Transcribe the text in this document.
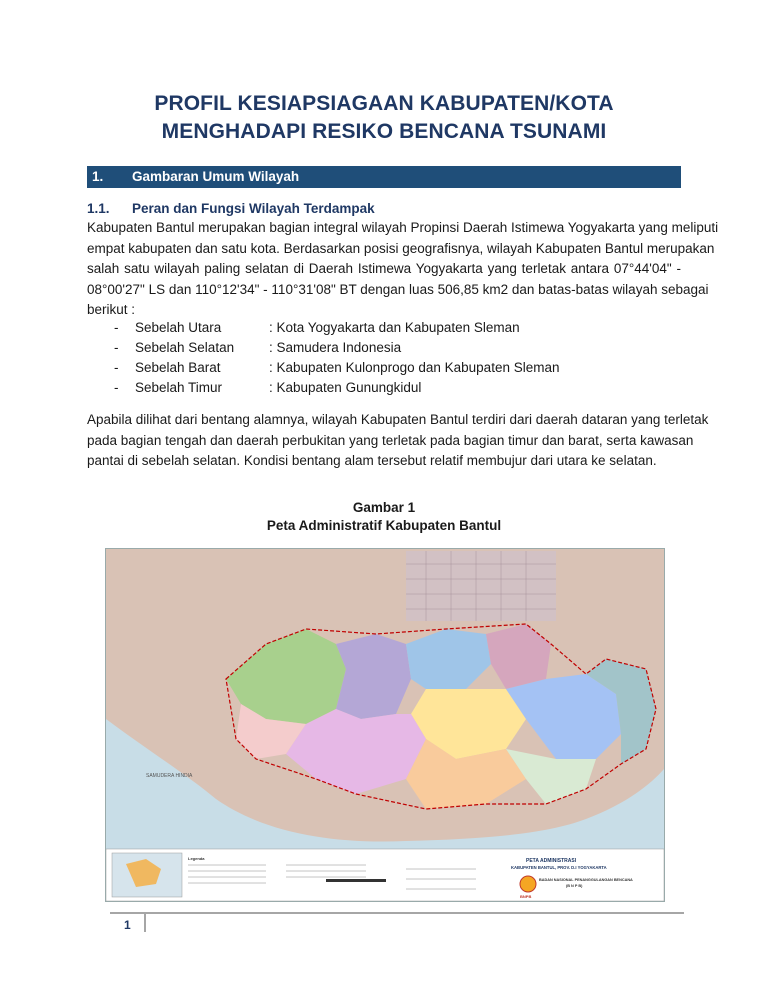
PROFIL KESIAPSIAGAAN KABUPATEN/KOTA
MENGHADAPI RESIKO BENCANA TSUNAMI
1. Gambaran Umum Wilayah
1.1. Peran dan Fungsi Wilayah Terdampak
Kabupaten Bantul merupakan bagian integral wilayah Propinsi Daerah Istimewa Yogyakarta yang meliputi
empat kabupaten dan satu kota. Berdasarkan posisi geografisnya, wilayah Kabupaten Bantul merupakan
salah satu wilayah paling selatan di Daerah Istimewa Yogyakarta yang terletak antara 07°44'04" -
08°00'27" LS dan 110°12'34" - 110°31'08" BT dengan luas 506,85 km2 dan batas-batas wilayah sebagai
berikut :
- Sebelah Utara	: Kota Yogyakarta dan Kabupaten Sleman
- Sebelah Selatan	: Samudera Indonesia
- Sebelah Barat	: Kabupaten Kulonprogo dan Kabupaten Sleman
- Sebelah Timur	: Kabupaten Gunungkidul
Apabila dilihat dari bentang alamnya, wilayah Kabupaten Bantul terdiri dari daerah dataran yang terletak
pada bagian tengah dan daerah perbukitan yang terletak pada bagian timur dan barat, serta kawasan
pantai di sebelah selatan. Kondisi bentang alam tersebut relatif membujur dari utara ke selatan.
Gambar 1
Peta Administratif Kabupaten Bantul
SAMUDERA HINDIA
Legenda	PETA ADMINISTRASI
KABUPATEN BANTUL, PROV. D.I YOGYAKARTA
BNPB
BADAN NASIONAL PENANGGULANGAN BENCANA
(B N P B)
1
